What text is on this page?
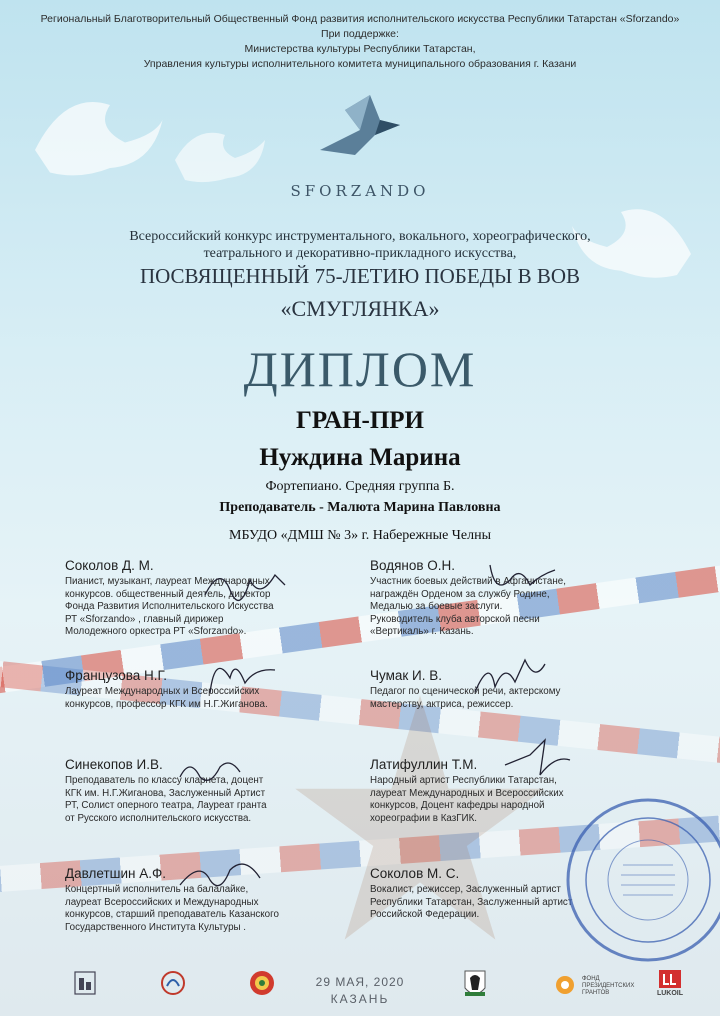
Региональный Благотворительный Общественный Фонд развития исполнительского искусства Республики Татарстан «Sforzando»
При поддержке:
Министерства культуры Республики Татарстан,
Управления культуры исполнительного комитета муниципального образования г. Казани
SFORZANDO
Всероссийский конкурс инструментального, вокального, хореографического,
театрального и декоративно-прикладного искусства,
ПОСВЯЩЕННЫЙ 75-ЛЕТИЮ ПОБЕДЫ В ВОВ
«СМУГЛЯНКА»
ДИПЛОМ
ГРАН-ПРИ
Нуждина Марина
Фортепиано. Средняя группа Б.
Преподаватель - Малюта Марина Павловна
МБУДО «ДМШ № 3» г. Набережные Челны
Соколов Д. М.
Пианист, музыкант, лауреат Международных
конкурсов. общественный деятель, директор
Фонда Развития Исполнительского Искусства
РТ «Sforzando» , главный дирижер
Молодежного оркестра РТ «Sforzando».
Водянов О.Н.
Участник боевых действий в Афганистане,
награждён Орденом за службу Родине,
Медалью за боевые заслуги.
Руководитель клуба авторской песни
«Вертикаль» г. Казань.
Французова Н.Г.
Лауреат Международных и Всероссийских
конкурсов, профессор КГК им Н.Г.Жиганова.
Чумак И. В.
Педагог по сценической речи, актерскому
мастерству, актриса, режиссер.
Синекопов И.В.
Преподаватель по классу кларнета, доцент
КГК им. Н.Г.Жиганова, Заслуженный Артист
РТ, Солист оперного театра, Лауреат гранта
от Русского исполнительского искусства.
Латифуллин Т.М.
Народный артист Республики Татарстан,
лауреат Международных и Всероссийских
конкурсов, Доцент кафедры народной
хореографии в КазГИК.
Давлетшин А.Ф.
Концертный исполнитель на балалайке,
лауреат Всероссийских и Международных
конкурсов, старший преподаватель Казанского
Государственного Института Культуры .
Соколов М. С.
Вокалист, режиссер, Заслуженный артист
Республики Татарстан, Заслуженный артист
Российской Федерации.
29 МАЯ, 2020
КАЗАНЬ
ФОНД
ПРЕЗИДЕНТСКИХ
ГРАНТОВ	LUKOIL
